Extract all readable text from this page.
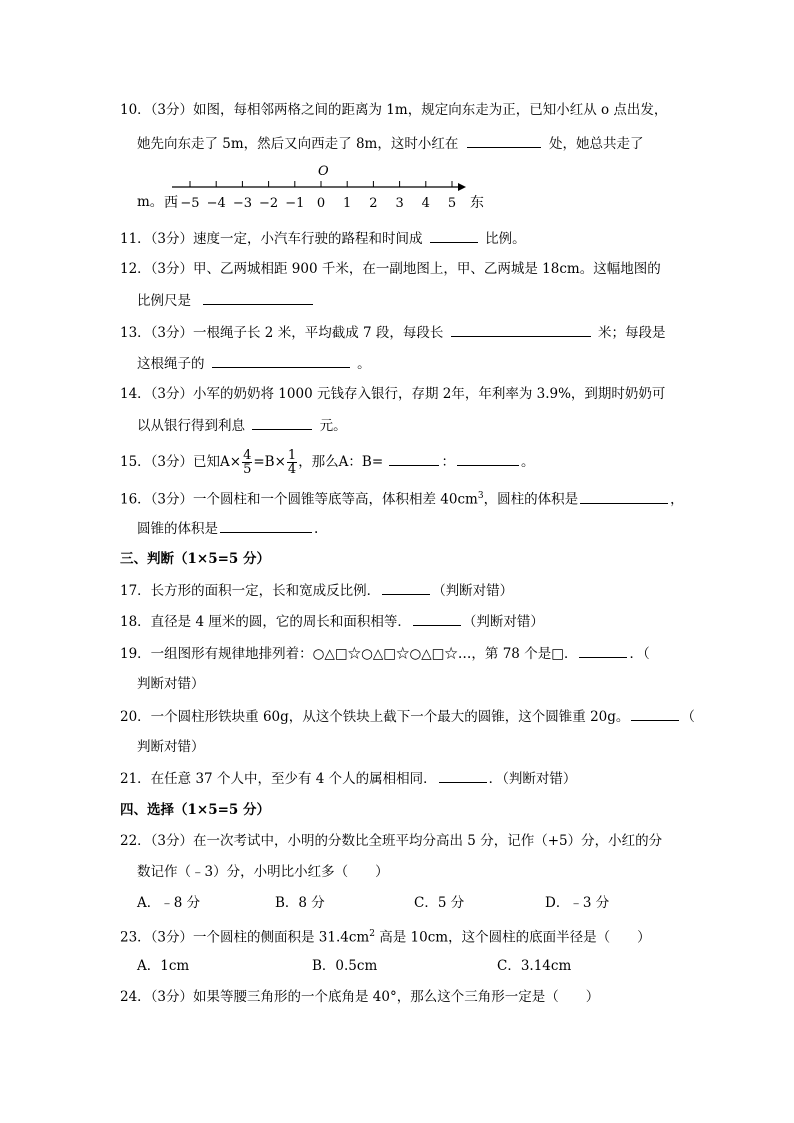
10．（3分）如图，每相邻两格之间的距离为 1m，规定向东走为正，已知小红从 o 点出发，
她先向东走了 5m，然后又向西走了 8m，这时小红在	处，她总共走了
m。 西	东
O
−5 −4 −3 −2 −1 0 1 2 3 4 5
11．（3分）速度一定，小汽车行驶的路程和时间成	比例。
12．（3分）甲、乙两城相距 900 千米，在一副地图上，甲、乙两城是 18cm。这幅地图的
比例尺是
13．（3分）一根绳子长 2 米，平均截成 7 段，每段长	米；每段是
这根绳子的	。
14．（3分）小军的奶奶将 1000 元钱存入银行，存期 2年，年利率为 3.9%，到期时奶奶可
以从银行得到利息	元。
15．（3分）已知$A\times \frac{4}{5} =B\times \frac{1}{4}$ ，那么A：B=	：	。
16．（3分）一个圆柱和一个圆锥等底等高，体积相差 $40cm^3$，圆柱的体积是	，
圆锥的体积是	.
三、判断（1×5=5 分）
17．长方形的面积一定，长和宽成反比例．	（判断对错）
18．直径是 4 厘米的圆，它的周长和面积相等．	（判断对错）
19．一组图形有规律地排列着：○△□☆○△□☆○△□☆…，第 78 个是□．	．（
判断对错）
20．一个圆柱形铁块重 60g，从这个铁块上截下一个最大的圆锥，这个圆锥重 20g。	（
判断对错）
21．在任意 37 个人中，至少有 4 个人的属相相同．	．（判断对错）
四、选择（1×5=5 分）
22．（3分）在一次考试中，小明的分数比全班平均分高出 5 分，记作（+5）分，小红的分
数记作（﹣3）分，小明比小红多（　　）
A．﹣8 分	B．8 分	C．5 分	D．﹣3 分
23．（3分）一个圆柱的侧面积是 $31.4cm^2$ 高是 10cm，这个圆柱的底面半径是（　　）
A．1cm	B．0.5cm	C．3.14cm
24．（3分）如果等腰三角形的一个底角是 40°，那么这个三角形一定是（　　）
